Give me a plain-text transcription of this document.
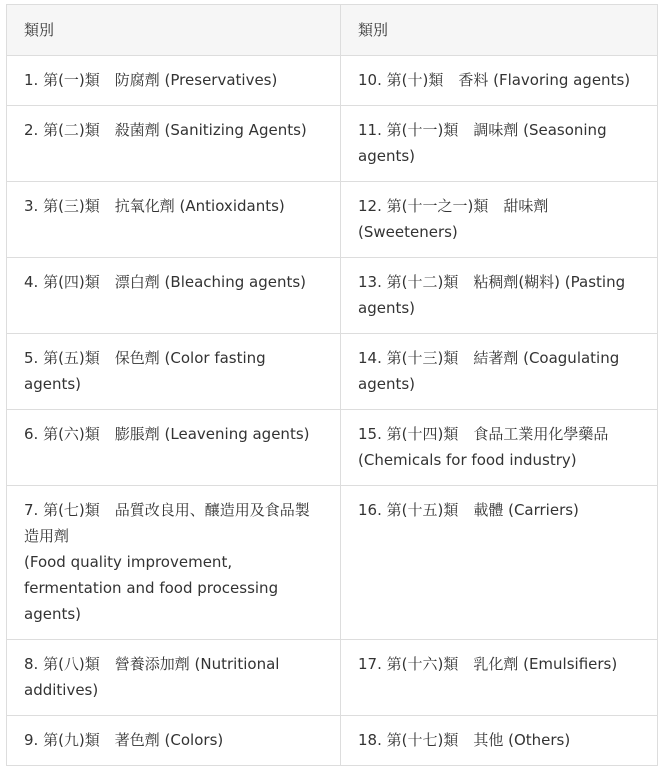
類別	類別
1. 第(一)類　防腐劑 (Preservatives)	10. 第(十)類　香料 (Flavoring agents)
2. 第(二)類　殺菌劑 (Sanitizing Agents)	11. 第(十一)類　調味劑 (Seasoning agents)
3. 第(三)類　抗氧化劑 (Antioxidants)	12. 第(十一之一)類　甜味劑 (Sweeteners)
4. 第(四)類　漂白劑 (Bleaching agents)	13. 第(十二)類　粘稠劑(糊料) (Pasting agents)
5. 第(五)類　保色劑 (Color fasting agents)	14. 第(十三)類　結著劑 (Coagulating agents)
6. 第(六)類　膨脹劑 (Leavening agents)	15. 第(十四)類　食品工業用化學藥品 (Chemicals for food industry)

7. 第(七)類　品質改良用、釀造用及食品製造用劑
(Food quality improvement, fermentation and food processing agents)	16. 第(十五)類　載體 (Carriers)
8. 第(八)類　營養添加劑 (Nutritional additives)	17. 第(十六)類　乳化劑 (Emulsifiers)
9. 第(九)類　著色劑 (Colors)	18. 第(十七)類　其他 (Others)
